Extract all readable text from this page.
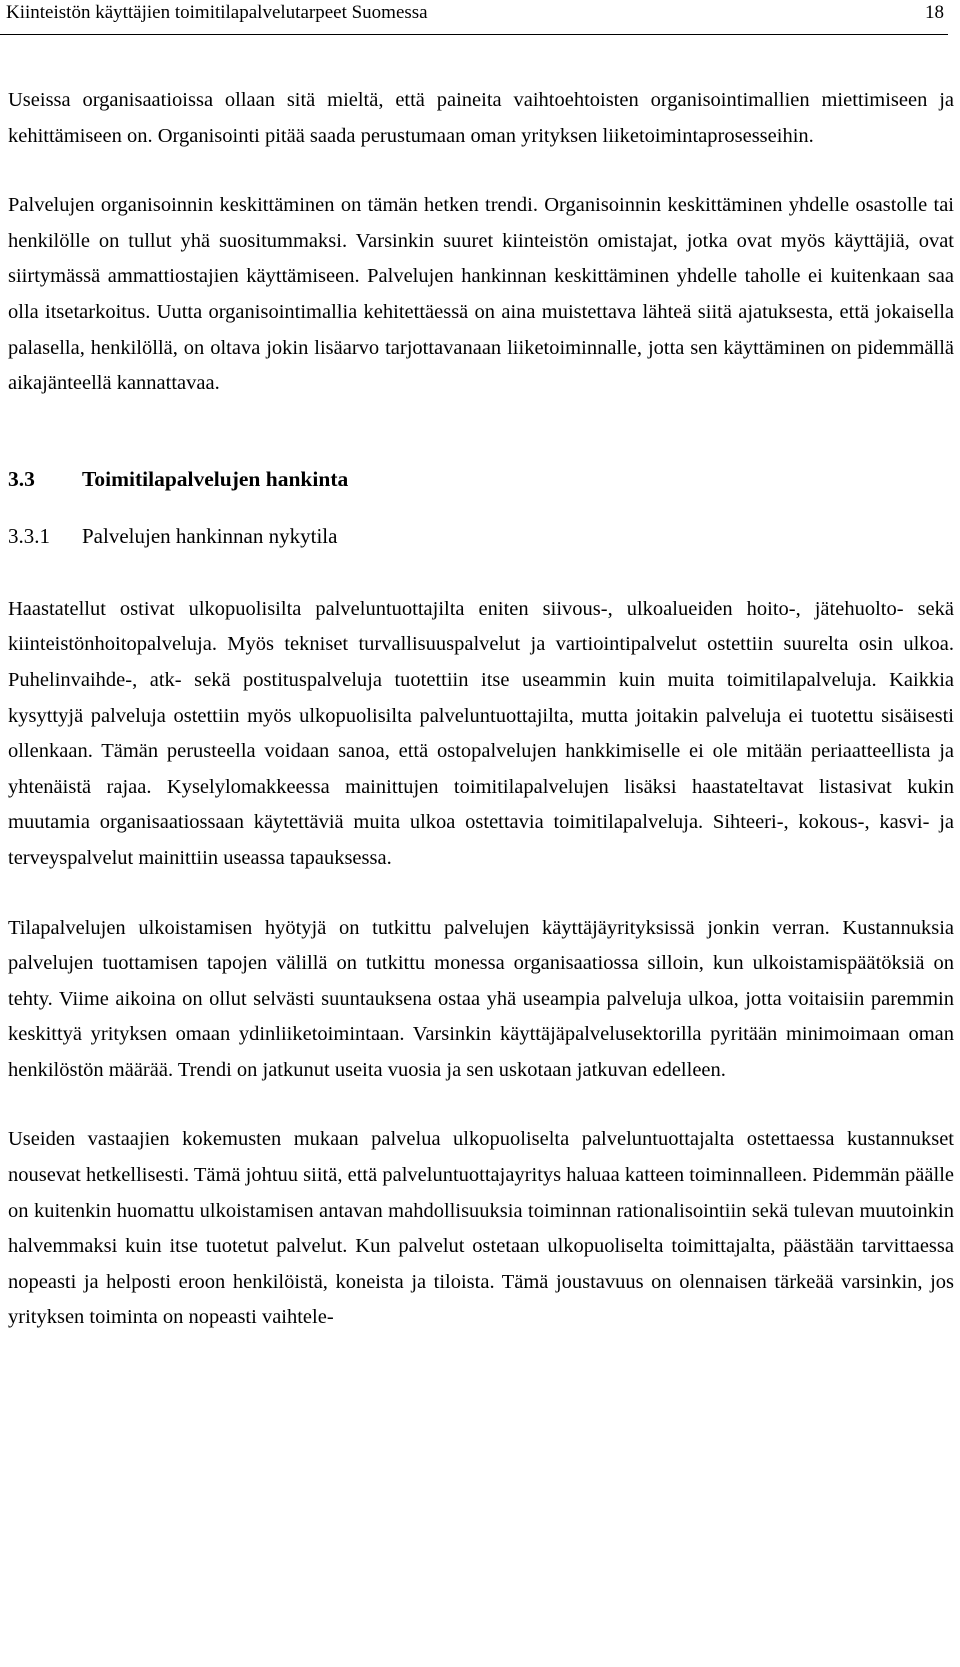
Kiinteistön käyttäjien toimitilapalvelutarpeet Suomessa	18

Useissa organisaatioissa ollaan sitä mieltä, että paineita vaihtoehtoisten organisointimallien miettimiseen ja kehittämiseen on. Organisointi pitää saada perustumaan oman yrityksen liiketoimintaprosesseihin.

Palvelujen organisoinnin keskittäminen on tämän hetken trendi. Organisoinnin keskittäminen yhdelle osastolle tai henkilölle on tullut yhä suositummaksi. Varsinkin suuret kiinteistön omistajat, jotka ovat myös käyttäjiä, ovat siirtymässä ammattiostajien käyttämiseen. Palvelujen hankinnan keskittäminen yhdelle taholle ei kuitenkaan saa olla itsetarkoitus. Uutta organisointimallia kehitettäessä on aina muistettava lähteä siitä ajatuksesta, että jokaisella palasella, henkilöllä, on oltava jokin lisäarvo tarjottavanaan liiketoiminnalle, jotta sen käyttäminen on pidemmällä aikajänteellä kannattavaa.

3.3 Toimitilapalvelujen hankinta
3.3.1 Palvelujen hankinnan nykytila

Haastatellut ostivat ulkopuolisilta palveluntuottajilta eniten siivous-, ulkoalueiden hoito-, jätehuolto- sekä kiinteistönhoitopalveluja. Myös tekniset turvallisuuspalvelut ja vartiointipalvelut ostettiin suurelta osin ulkoa. Puhelinvaihde-, atk- sekä postituspalveluja tuotettiin itse useammin kuin muita toimitilapalveluja. Kaikkia kysyttyjä palveluja ostettiin myös ulkopuolisilta palveluntuottajilta, mutta joitakin palveluja ei tuotettu sisäisesti ollenkaan. Tämän perusteella voidaan sanoa, että ostopalvelujen hankkimiselle ei ole mitään periaatteellista ja yhtenäistä rajaa. Kyselylomakkeessa mainittujen toimitilapalvelujen lisäksi haastateltavat listasivat kukin muutamia organisaatiossaan käytettäviä muita ulkoa ostettavia toimitilapalveluja. Sihteeri-, kokous-, kasvi- ja terveyspalvelut mainittiin useassa tapauksessa.

Tilapalvelujen ulkoistamisen hyötyjä on tutkittu palvelujen käyttäjäyrityksissä jonkin verran. Kustannuksia palvelujen tuottamisen tapojen välillä on tutkittu monessa organisaatiossa silloin, kun ulkoistamispäätöksiä on tehty. Viime aikoina on ollut selvästi suuntauksena ostaa yhä useampia palveluja ulkoa, jotta voitaisiin paremmin keskittyä yrityksen omaan ydinliiketoimintaan. Varsinkin käyttäjäpalvelusektorilla pyritään minimoimaan oman henkilöstön määrää. Trendi on jatkunut useita vuosia ja sen uskotaan jatkuvan edelleen.

Useiden vastaajien kokemusten mukaan palvelua ulkopuoliselta palveluntuottajalta ostettaessa kustannukset nousevat hetkellisesti. Tämä johtuu siitä, että palveluntuottajayritys haluaa katteen toiminnalleen. Pidemmän päälle on kuitenkin huomattu ulkoistamisen antavan mahdollisuuksia toiminnan rationalisointiin sekä tulevan muutoinkin halvemmaksi kuin itse tuotetut palvelut. Kun palvelut ostetaan ulkopuoliselta toimittajalta, päästään tarvittaessa nopeasti ja helposti eroon henkilöistä, koneista ja tiloista. Tämä joustavuus on olennaisen tärkeää varsinkin, jos yrityksen toiminta on nopeasti vaihtele-
